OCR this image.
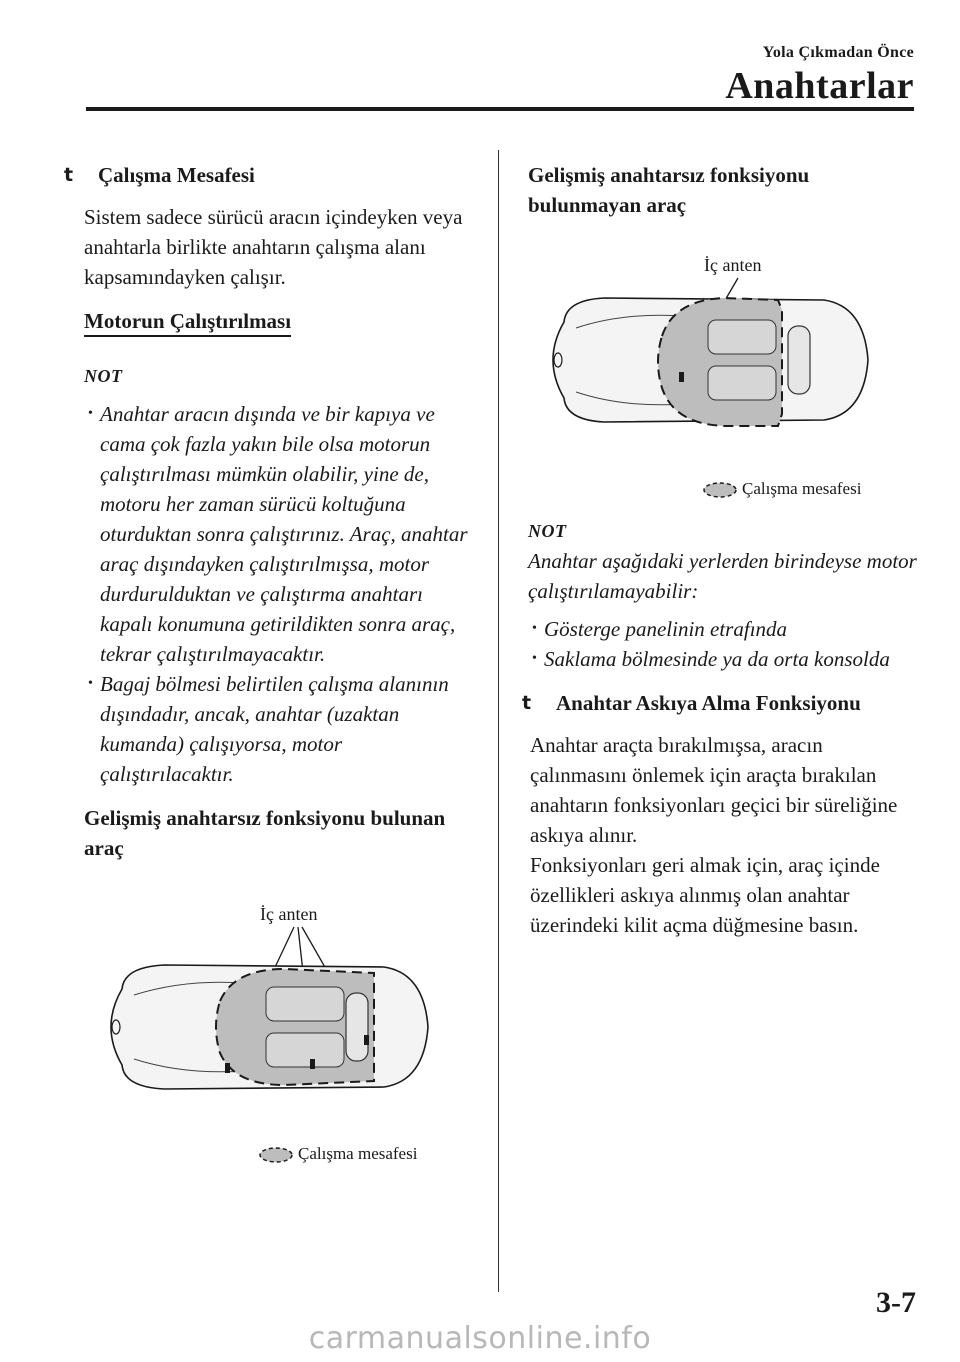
Yola Çıkmadan Önce
Anahtarlar
t Çalışma Mesafesi

Sistem sadece sürücü aracın içindeyken veya anahtarla birlikte anahtarın çalışma alanı kapsamındayken çalışır.

Motorun Çalıştırılması
NOT
• Anahtar aracın dışında ve bir kapıya ve cama çok fazla yakın bile olsa motorun çalıştırılması mümkün olabilir, yine de, motoru her zaman sürücü koltuğuna oturduktan sonra çalıştırınız. Araç, anahtar araç dışındayken çalıştırılmışsa, motor durdurulduktan ve çalıştırma anahtarı kapalı konumuna getirildikten sonra araç, tekrar çalıştırılmayacaktır.
• Bagaj bölmesi belirtilen çalışma alanının dışındadır, ancak, anahtar (uzaktan kumanda) çalışıyorsa, motor çalıştırılacaktır.
Gelişmiş anahtarsız fonksiyonu bulunan araç
İç anten
Çalışma mesafesi
Gelişmiş anahtarsız fonksiyonu bulunmayan araç
İç anten
Çalışma mesafesi
NOT
Anahtar aşağıdaki yerlerden birindeyse motor çalıştırılamayabilir:
• Gösterge panelinin etrafında
• Saklama bölmesinde ya da orta konsolda
t Anahtar Askıya Alma Fonksiyonu

Anahtar araçta bırakılmışsa, aracın çalınmasını önlemek için araçta bırakılan anahtarın fonksiyonları geçici bir süreliğine askıya alınır.

Fonksiyonları geri almak için, araç içinde özellikleri askıya alınmış olan anahtar üzerindeki kilit açma düğmesine basın.

3-7
carmanualsonline.info
